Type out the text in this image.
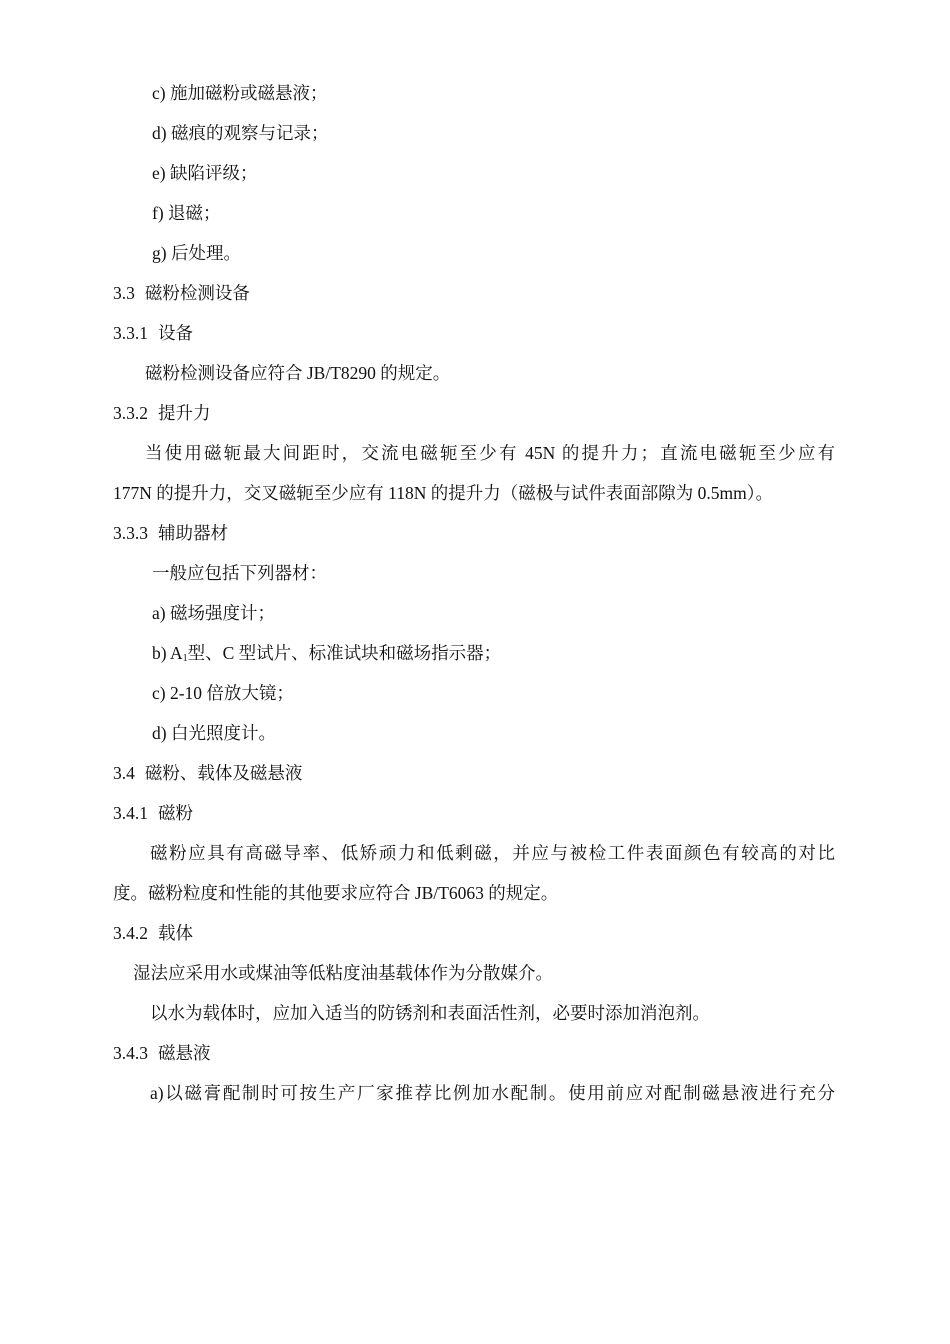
c) 施加磁粉或磁悬液；
d) 磁痕的观察与记录；
e) 缺陷评级；
f) 退磁；
g) 后处理。
3.3 磁粉检测设备
3.3.1 设备
磁粉检测设备应符合 JB/T8290 的规定。
3.3.2 提升力
当使用磁轭最大间距时，交流电磁轭至少有 45N 的提升力；直流电磁轭至少应有
177N 的提升力，交叉磁轭至少应有 118N 的提升力（磁极与试件表面部隙为 0.5mm）。
3.3.3 辅助器材
一般应包括下列器材：
a) 磁场强度计；
b) $A_1$型、C 型试片、标准试块和磁场指示器；
c) 2-10 倍放大镜；
d) 白光照度计。
3.4 磁粉、载体及磁悬液
3.4.1 磁粉
磁粉应具有高磁导率、低矫顽力和低剩磁，并应与被检工件表面颜色有较高的对比
度。磁粉粒度和性能的其他要求应符合 JB/T6063 的规定。
3.4.2 载体
湿法应采用水或煤油等低粘度油基载体作为分散媒介。
以水为载体时，应加入适当的防锈剂和表面活性剂，必要时添加消泡剂。
3.4.3 磁悬液
a)以磁膏配制时可按生产厂家推荐比例加水配制。使用前应对配制磁悬液进行充分
